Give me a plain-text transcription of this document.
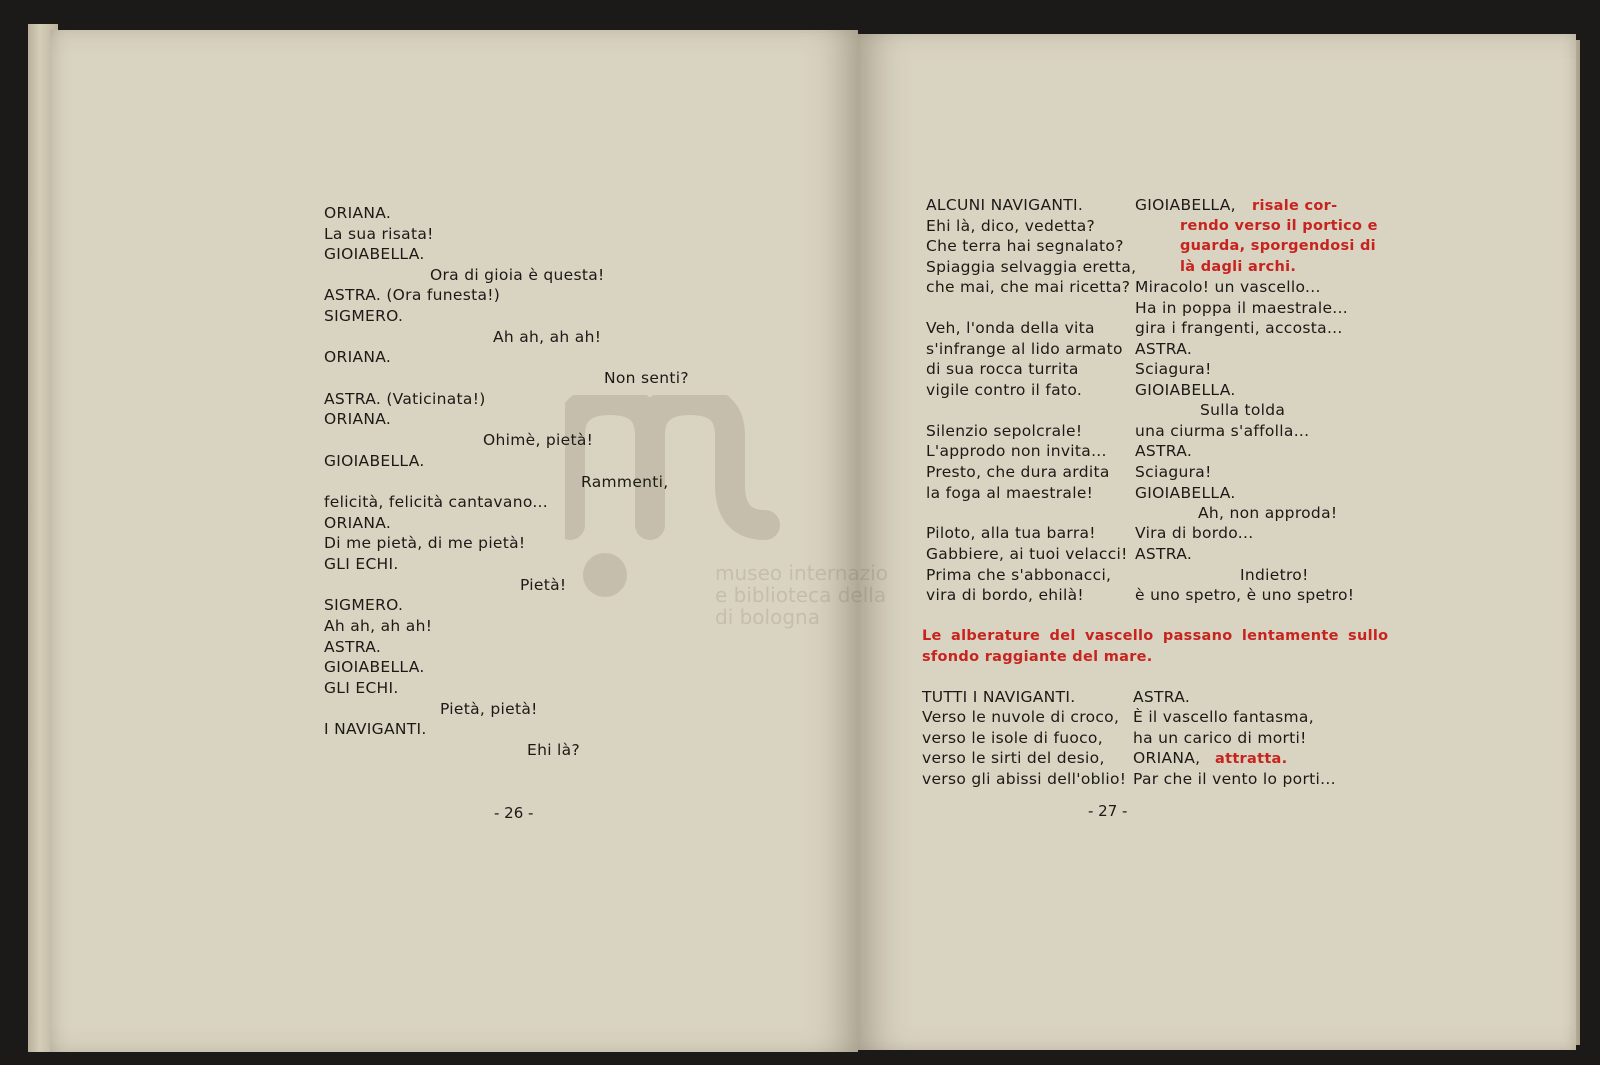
ORIANA.
La sua risata!
GIOIABELLA.
Ora di gioia è questa!
ASTRA. (Ora funesta!)
SIGMERO.
Ah ah, ah ah!
ORIANA.
Non senti?
ASTRA. (Vaticinata!)
ORIANA.
Ohimè, pietà!
GIOIABELLA.
Rammenti,
felicità, felicità cantavano...
ORIANA.
Di me pietà, di me pietà!
GLI ECHI.
Pietà!
SIGMERO.
Ah ah, ah ah!
ASTRA.
GIOIABELLA.
GLI ECHI.
Pietà, pietà!
I NAVIGANTI.
Ehi là?
- 26 -
ALCUNI NAVIGANTI.
Ehi là, dico, vedetta?
Che terra hai segnalato?
Spiaggia selvaggia eretta,
che mai, che mai ricetta?
Veh, l'onda della vita
s'infrange al lido armato
di sua rocca turrita
vigile contro il fato.
Silenzio sepolcrale!
L'approdo non invita...
Presto, che dura ardita
la foga al maestrale!
Piloto, alla tua barra!
Gabbiere, ai tuoi velacci!
Prima che s'abbonacci,
vira di bordo, ehilà!
GIOIABELLA, risale cor-
rendo verso il portico e
guarda, sporgendosi di
là dagli archi.
Miracolo! un vascello...
Ha in poppa il maestrale...
gira i frangenti, accosta...
ASTRA.
Sciagura!
GIOIABELLA.
Sulla tolda
una ciurma s'affolla...
ASTRA.
Sciagura!
GIOIABELLA.
Ah, non approda!
Vira di bordo...
ASTRA.
Indietro!
è uno spetro, è uno spetro!
Le alberature del vascello passano lentamente sullo
sfondo raggiante del mare.
TUTTI I NAVIGANTI.
Verso le nuvole di croco,
verso le isole di fuoco,
verso le sirti del desio,
verso gli abissi dell'oblio!
ASTRA.
È il vascello fantasma,
ha un carico di morti!
ORIANA, attratta.
Par che il vento lo porti...
- 27 -
museo internazio
e biblioteca della
di bologna
